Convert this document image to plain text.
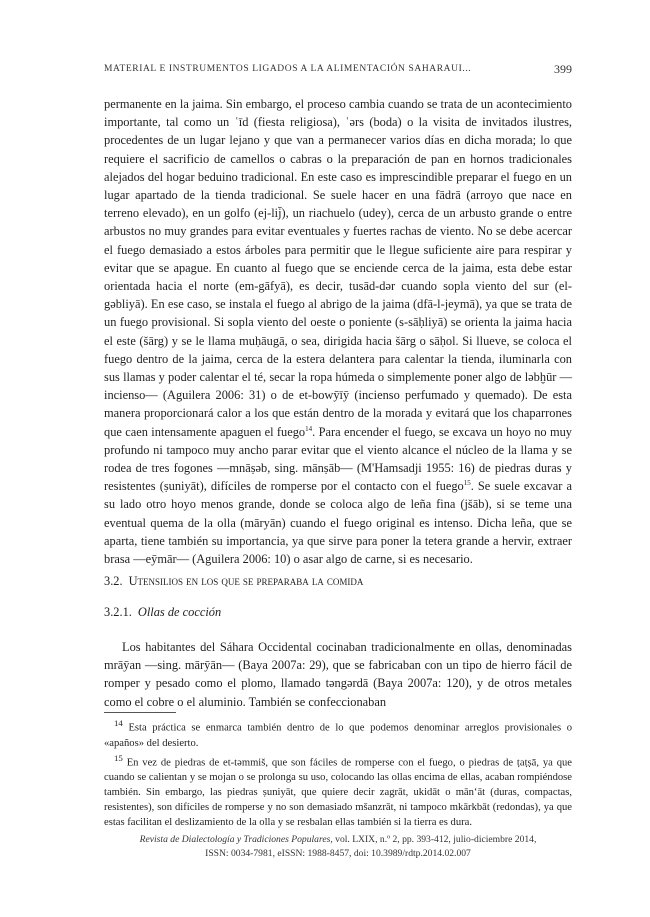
MATERIAL E INSTRUMENTOS LIGADOS A LA ALIMENTACIÓN SAHARAUI...	399

permanente en la jaima. Sin embargo, el proceso cambia cuando se trata de un acontecimiento importante, tal como un ʿīd (fiesta religiosa), ʿərs (boda) o la visita de invitados ilustres, procedentes de un lugar lejano y que van a permanecer varios días en dicha morada; lo que requiere el sacrificio de camellos o cabras o la preparación de pan en hornos tradicionales alejados del hogar beduino tradicional. En este caso es imprescindible preparar el fuego en un lugar apartado de la tienda tradicional. Se suele hacer en una fādrā (arroyo que nace en terreno elevado), en un golfo (ej-lij̄), un riachuelo (udey), cerca de un arbusto grande o entre arbustos no muy grandes para evitar eventuales y fuertes rachas de viento. No se debe acercar el fuego demasiado a estos árboles para permitir que le llegue suficiente aire para respirar y evitar que se apague. En cuanto al fuego que se enciende cerca de la jaima, esta debe estar orientada hacia el norte (em-gāfyā), es decir, tusād-dər cuando sopla viento del sur (el-gəbliyā). En ese caso, se instala el fuego al abrigo de la jaima (dfā-l-jeymā), ya que se trata de un fuego provisional. Si sopla viento del oeste o poniente (s-sāḥliyā) se orienta la jaima hacia el este (šārg) y se le llama muḥāugā, o sea, dirigida hacia šārg o sāḥol. Si llueve, se coloca el fuego dentro de la jaima, cerca de la estera delantera para calentar la tienda, iluminarla con sus llamas y poder calentar el té, secar la ropa húmeda o simplemente poner algo de ləbḫūr —incienso— (Aguilera 2006: 31) o de et-bowȳīȳ (incienso perfumado y quemado). De esta manera proporcionará calor a los que están dentro de la morada y evitará que los chaparrones que caen intensamente apaguen el fuego$^{14}$. Para encender el fuego, se excava un hoyo no muy profundo ni tampoco muy ancho parar evitar que el viento alcance el núcleo de la llama y se rodea de tres fogones —mnāṣəb, sing. mānṣāb— (M'Hamsadji 1955: 16) de piedras duras y resistentes (ṣuniyāt), difíciles de romperse por el contacto con el fuego$^{15}$. Se suele excavar a su lado otro hoyo menos grande, donde se coloca algo de leña fina (jšāb), si se teme una eventual quema de la olla (māryān) cuando el fuego original es intenso. Dicha leña, que se aparta, tiene también su importancia, ya que sirve para poner la tetera grande a hervir, extraer brasa —eȳmār— (Aguilera 2006: 10) o asar algo de carne, si es necesario.

3.2. Utensilios en los que se preparaba la comida
3.2.1. Ollas de cocción

Los habitantes del Sáhara Occidental cocinaban tradicionalmente en ollas, denominadas mrāȳan —sing. mārȳān— (Baya 2007a: 29), que se fabricaban con un tipo de hierro fácil de romper y pesado como el plomo, llamado təngərdā (Baya 2007a: 120), y de otros metales como el cobre o el aluminio. También se confeccionaban

$^{14}$ Esta práctica se enmarca también dentro de lo que podemos denominar arreglos provisionales o «apaños» del desierto.

$^{15}$ En vez de piedras de et-təmmiš, que son fáciles de romperse con el fuego, o piedras de ṭaṭṣā, ya que cuando se calientan y se mojan o se prolonga su uso, colocando las ollas encima de ellas, acaban rompiéndose también. Sin embargo, las piedras ṣuniyāt, que quiere decir zagrāt, ukidāt o mān‘āt (duras, compactas, resistentes), son difíciles de romperse y no son demasiado mšanzrāt, ni tampoco mkārkbāt (redondas), ya que estas facilitan el deslizamiento de la olla y se resbalan ellas también si la tierra es dura.

Revista de Dialectología y Tradiciones Populares, vol. LXIX, n.º 2, pp. 393-412, julio-diciembre 2014,
ISSN: 0034-7981, eISSN: 1988-8457, doi: 10.3989/rdtp.2014.02.007
